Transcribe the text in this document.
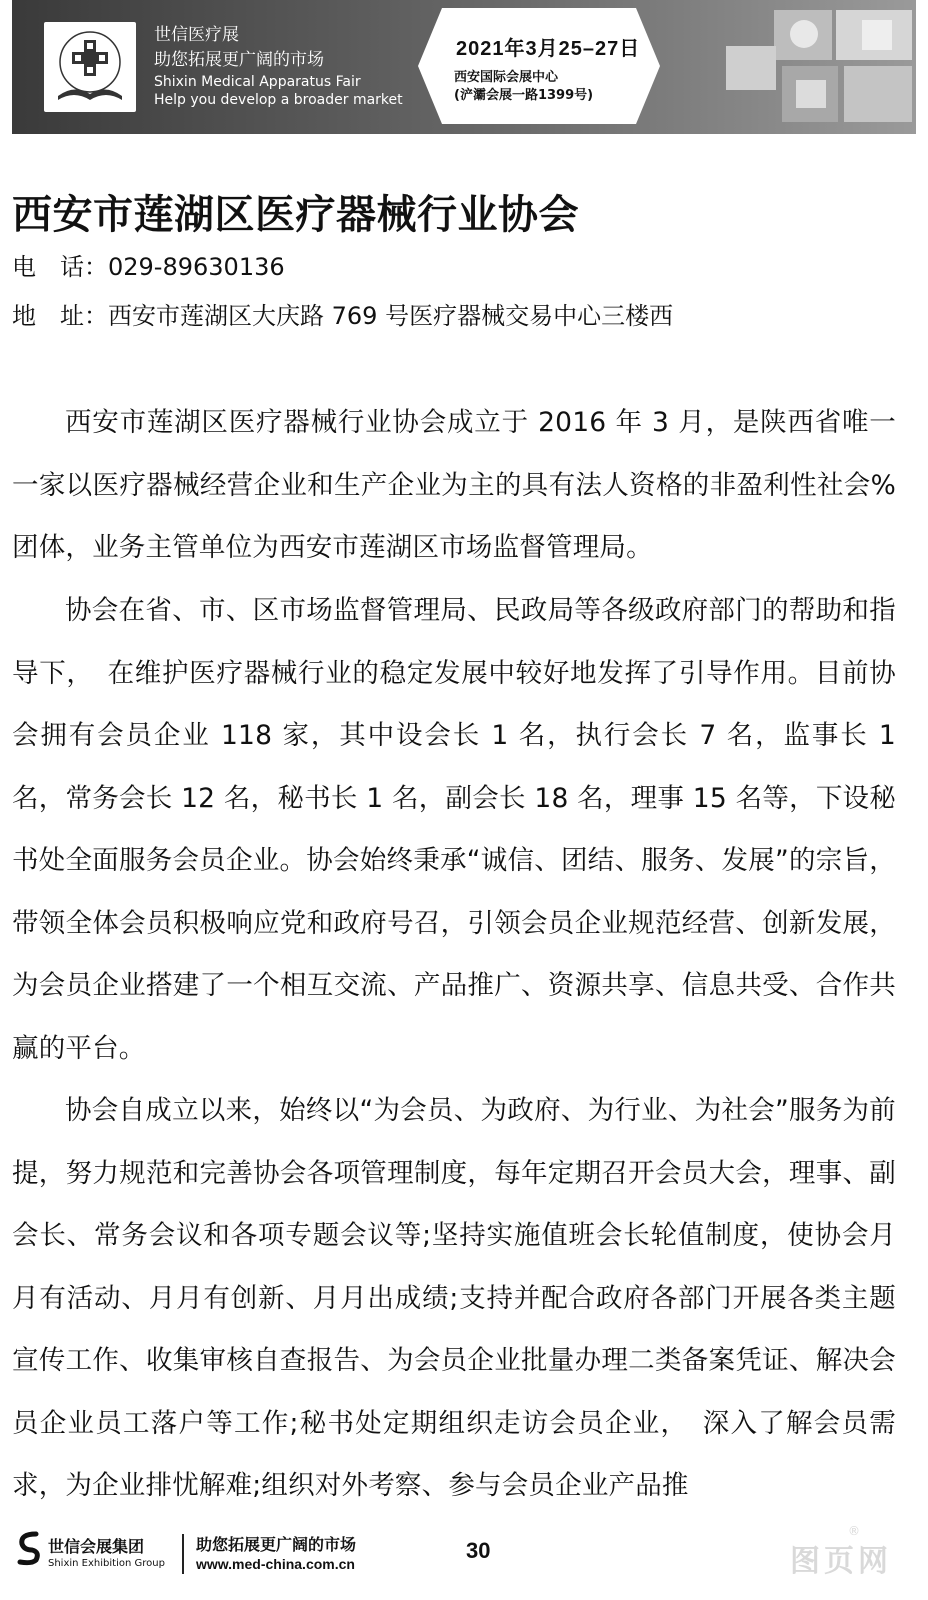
世信医疗展
助您拓展更广阔的市场
Shixin Medical Apparatus Fair
Help you develop a broader market
2021年3月25–27日
西安国际会展中心
(浐灞会展一路1399号)
西安市莲湖区医疗器械行业协会
电　话：029-89630136
地　址：西安市莲湖区大庆路 769 号医疗器械交易中心三楼西

西安市莲湖区医疗器械行业协会成立于 2016 年 3 月，是陕西省唯一一家以医疗器械经营企业和生产企业为主的具有法人资格的非盈利性社会%　团体，业务主管单位为西安市莲湖区市场监督管理局。

协会在省、市、区市场监督管理局、民政局等各级政府部门的帮助和指导下，　在维护医疗器械行业的稳定发展中较好地发挥了引导作用。目前协会拥有会员企业 118 家，其中设会长 1 名，执行会长 7 名，监事长 1 名，常务会长 12 名，秘书长 1 名，副会长 18 名，理事 15 名等，下设秘书处全面服务会员企业。协会始终秉承“诚信、团结、服务、发展”的宗旨，带领全体会员积极响应党和政府号召，引领会员企业规范经营、创新发展，为会员企业搭建了一个相互交流、产品推广、资源共享、信息共受、合作共赢的平台。

协会自成立以来，始终以“为会员、为政府、为行业、为社会”服务为前提，努力规范和完善协会各项管理制度，每年定期召开会员大会，理事、副会长、常务会议和各项专题会议等;坚持实施值班会长轮值制度，使协会月月有活动、月月有创新、月月出成绩;支持并配合政府各部门开展各类主题宣传工作、收集审核自查报告、为会员企业批量办理二类备案凭证、解决会员企业员工落户等工作;秘书处定期组织走访会员企业，　深入了解会员需求，为企业排忧解难;组织对外考察、参与会员企业产品推

世信会展集团
Shixin Exhibition Group
助您拓展更广阔的市场
www.med-china.com.cn
30	图页网
®
